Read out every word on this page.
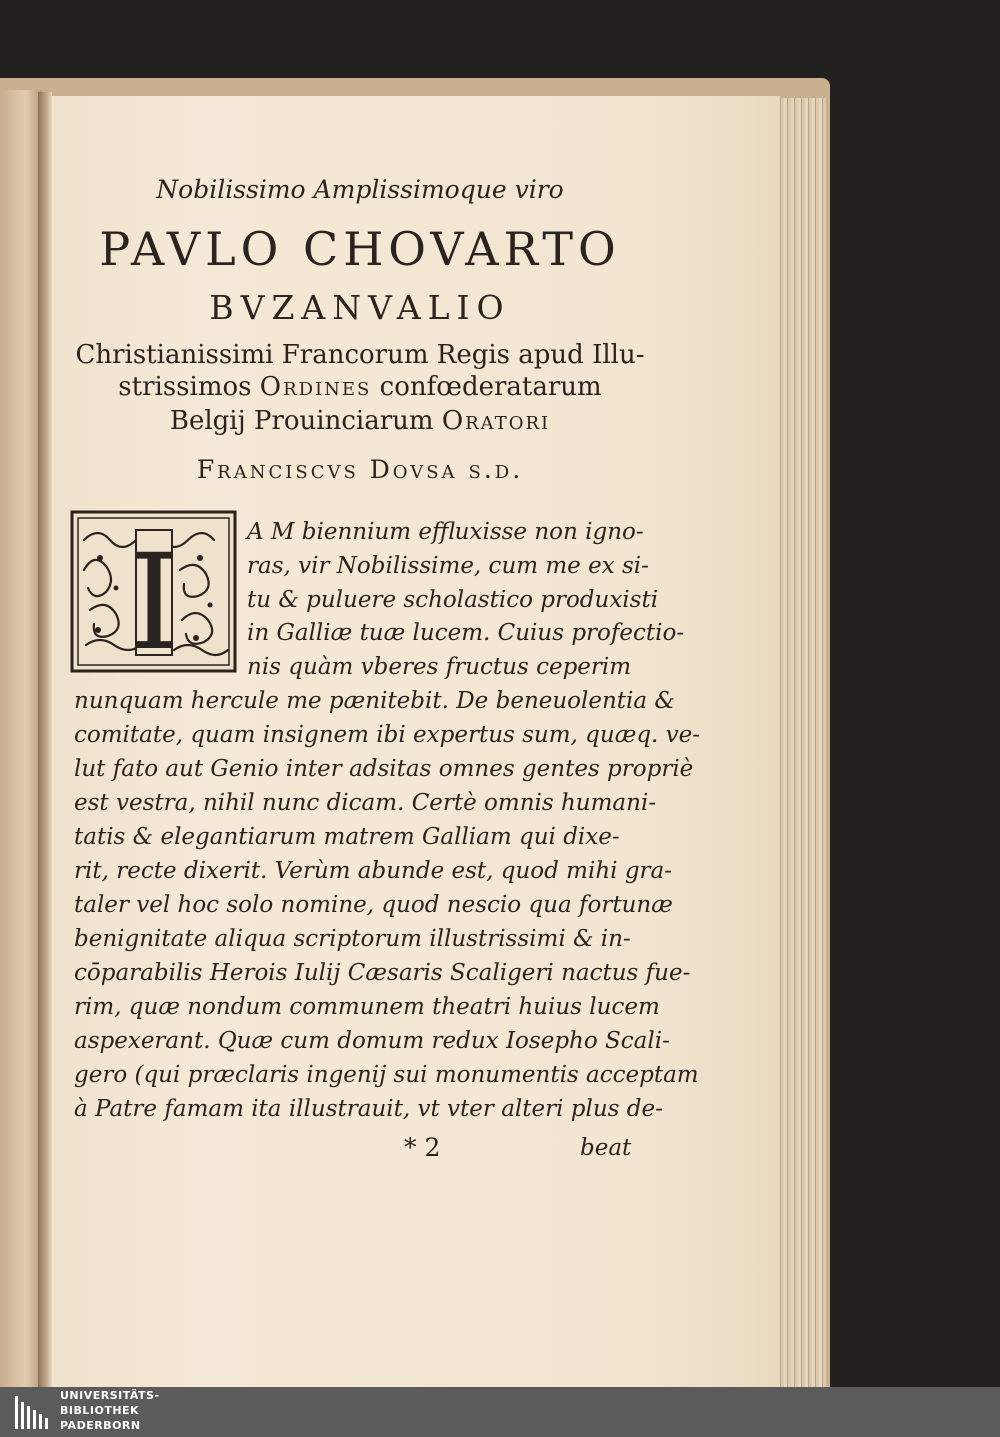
Nobilissimo Amplissimoque viro

PAVLO CHOVARTO

BVZANVALIO

Christianissimi Francorum Regis apud Illu-

strissimos Ordines confœderatarum

Belgij Prouinciarum Oratori

Franciscvs Dovsa s.d.

I	A M biennium effluxisse non igno-

ras, vir Nobilissime, cum me ex si-

tu & puluere scholastico produxisti

in Galliæ tuæ lucem. Cuius profectio-

nis quàm vberes fructus ceperim

nunquam hercule me pænitebit. De beneuolentia &

comitate, quam insignem ibi expertus sum, quæq. ve-

lut fato aut Genio inter adsitas omnes gentes propriè

est vestra, nihil nunc dicam. Certè omnis humani-

tatis & elegantiarum matrem Galliam qui dixe-

rit, recte dixerit. Verùm abunde est, quod mihi gra-

taler vel hoc solo nomine, quod nescio qua fortunæ

benignitate aliqua scriptorum illustrissimi & in-

cōparabilis Herois Iulij Cæsaris Scaligeri nactus fue-

rim, quæ nondum communem theatri huius lucem

aspexerant. Quæ cum domum redux Iosepho Scali-

gero (qui præclaris ingenij sui monumentis acceptam

à Patre famam ita illustrauit, vt vter alteri plus de-

* 2	beat

UNIVERSITÄTS-

BIBLIOTHEK

PADERBORN
